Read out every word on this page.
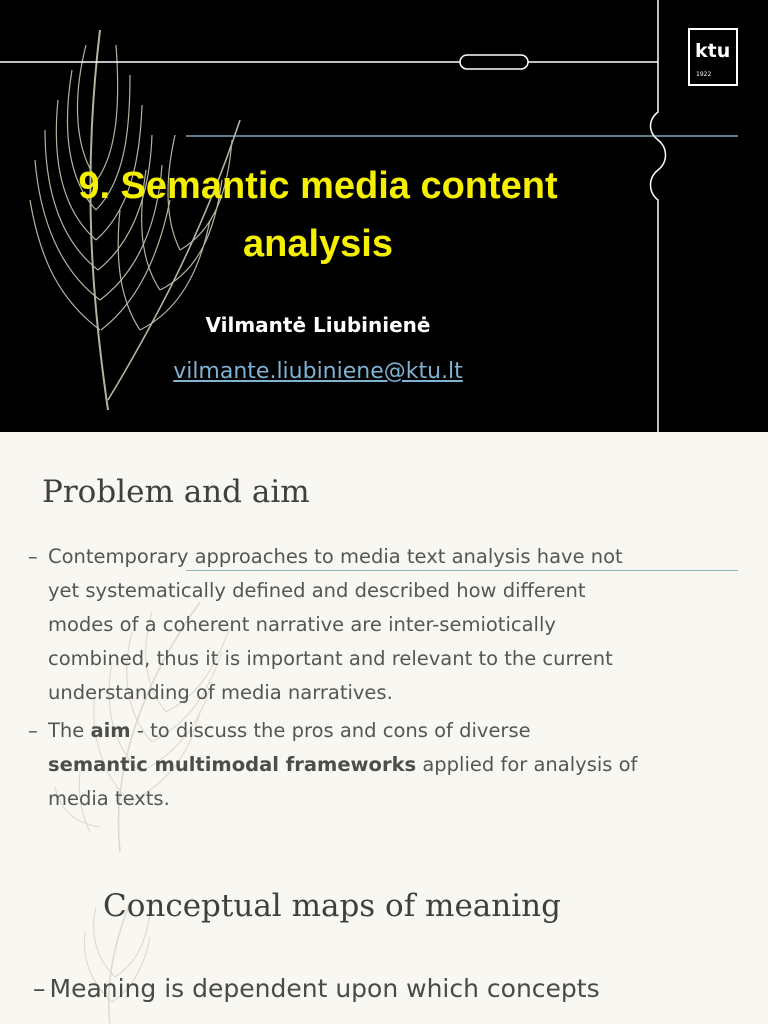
ktu
1922
9. Semantic media content
analysis
Vilmantė Liubinienė
vilmante.liubiniene@ktu.lt
Problem and aim
– Contemporary approaches to media text analysis have not yet systematically defined and described how different modes of a coherent narrative are inter-semiotically combined, thus it is important and relevant to the current understanding of media narratives.
– The aim - to discuss the pros and cons of diverse
semantic multimodal frameworks applied for analysis of media texts.
Conceptual maps of meaning
– Meaning is dependent upon which concepts
